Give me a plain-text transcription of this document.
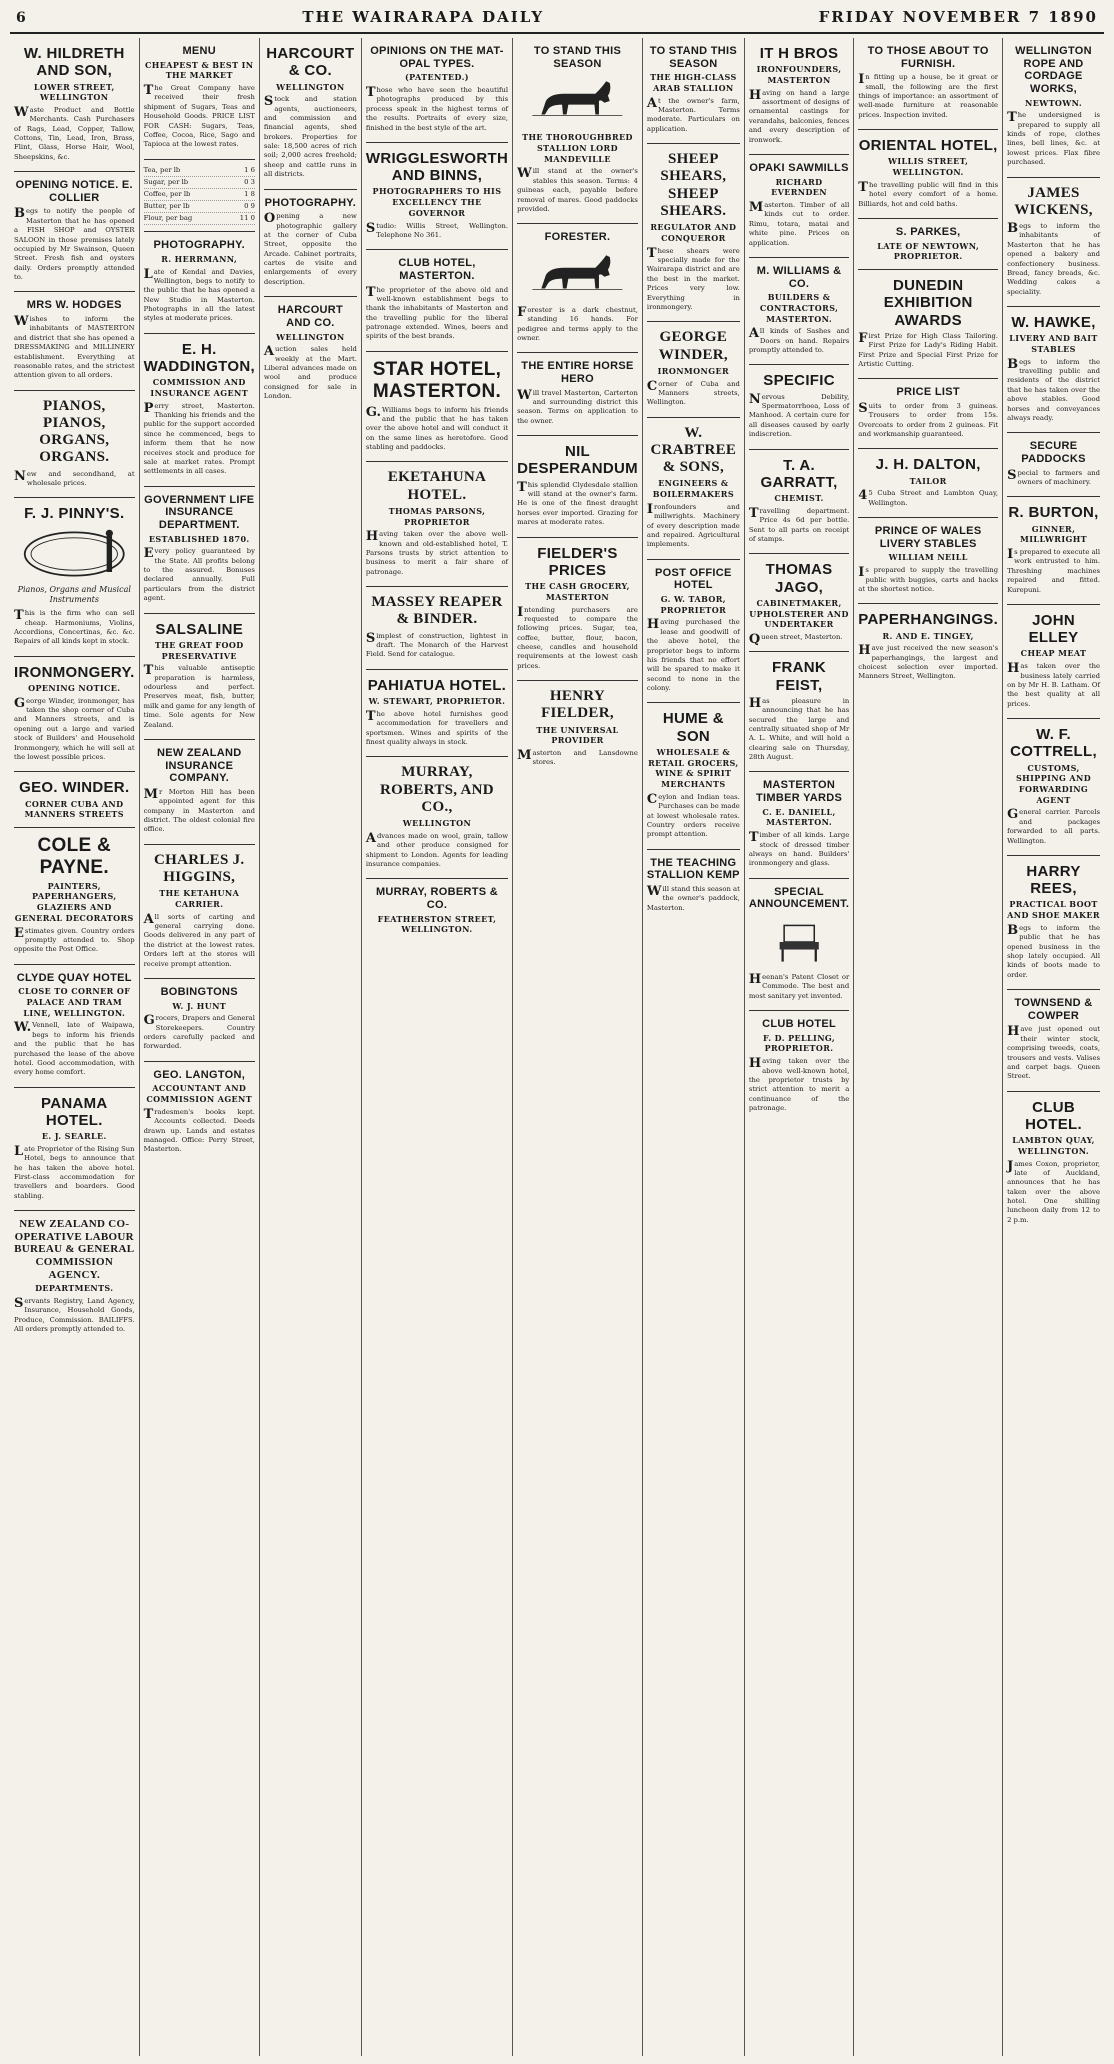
6	THE WAIRARAPA DAILY	FRIDAY NOVEMBER 7 1890
W. HILDRETH AND SON,
LOWER STREET, WELLINGTON
Waste Product and Bottle Merchants. Cash Purchasers of Rags, Lead, Copper, Tallow, Cottons, Tin, Lead, Iron, Brass, Flint, Glass, Horse Hair, Wool, Sheepskins, &c.
OPENING NOTICE. E. COLLIER
Begs to notify the people of Masterton that he has opened a FISH SHOP and OYSTER SALOON in those premises lately occupied by Mr Swainson, Queen Street. Fresh fish and oysters daily. Orders promptly attended to.
MRS W. HODGES
Wishes to inform the inhabitants of MASTERTON and district that she has opened a DRESSMAKING and MILLINERY establishment. Everything at reasonable rates, and the strictest attention given to all orders.
PIANOS, PIANOS, ORGANS, ORGANS.
New and secondhand, at wholesale prices.
F. J. PINNY'S.
Pianos, Organs and Musical Instruments
This is the firm who can sell cheap. Harmoniums, Violins, Accordions, Concertinas, &c. &c. Repairs of all kinds kept in stock.
IRONMONGERY.
OPENING NOTICE.
George Winder, ironmonger, has taken the shop corner of Cuba and Manners streets, and is opening out a large and varied stock of Builders' and Household Ironmongery, which he will sell at the lowest possible prices.
GEO. WINDER.
CORNER CUBA AND MANNERS STREETS
COLE & PAYNE.
PAINTERS, PAPERHANGERS, GLAZIERS AND GENERAL DECORATORS
Estimates given. Country orders promptly attended to. Shop opposite the Post Office.
CLYDE QUAY HOTEL
CLOSE TO CORNER OF PALACE AND TRAM LINE, WELLINGTON.
W.Vennell, late of Waipawa, begs to inform his friends and the public that he has purchased the lease of the above hotel. Good accommodation, with every home comfort.
PANAMA HOTEL.
E. J. SEARLE.
Late Proprietor of the Rising Sun Hotel, begs to announce that he has taken the above hotel. First-class accommodation for travellers and boarders. Good stabling.
NEW ZEALAND CO-OPERATIVE LABOUR BUREAU & GENERAL COMMISSION AGENCY.
DEPARTMENTS.
Servants Registry, Land Agency, Insurance, Household Goods, Produce, Commission. BAILIFFS. All orders promptly attended to.
MENU
CHEAPEST & BEST IN THE MARKET
The Great Company have received their fresh shipment of Sugars, Teas and Household Goods. PRICE LIST FOR CASH: Sugars, Teas, Coffee, Cocoa, Rice, Sago and Tapioca at the lowest rates.
Tea, per lb	1 6
Sugar, per lb	0 3
Coffee, per lb	1 8
Butter, per lb	0 9
Flour, per bag	11 0
PHOTOGRAPHY.
R. HERRMANN,
Late of Kendal and Davies, Wellington, begs to notify to the public that he has opened a New Studio in Masterton. Photographs in all the latest styles at moderate prices.
E. H. WADDINGTON,
COMMISSION AND INSURANCE AGENT
Perry street, Masterton. Thanking his friends and the public for the support accorded since he commenced, begs to inform them that he now receives stock and produce for sale at market rates. Prompt settlements in all cases.
GOVERNMENT LIFE INSURANCE DEPARTMENT.
ESTABLISHED 1870.
Every policy guaranteed by the State. All profits belong to the assured. Bonuses declared annually. Full particulars from the district agent.
SALSALINE
THE GREAT FOOD PRESERVATIVE
This valuable antiseptic preparation is harmless, odourless and perfect. Preserves meat, fish, butter, milk and game for any length of time. Sole agents for New Zealand.
NEW ZEALAND INSURANCE COMPANY.
Mr Morton Hill has been appointed agent for this company in Masterton and district. The oldest colonial fire office.
CHARLES J. HIGGINS,
THE KETAHUNA CARRIER.
All sorts of carting and general carrying done. Goods delivered in any part of the district at the lowest rates. Orders left at the stores will receive prompt attention.
BOBINGTONS
W. J. HUNT
Grocers, Drapers and General Storekeepers. Country orders carefully packed and forwarded.
GEO. LANGTON,
ACCOUNTANT AND COMMISSION AGENT
Tradesmen's books kept. Accounts collected. Deeds drawn up. Lands and estates managed. Office: Perry Street, Masterton.
HARCOURT & CO.
WELLINGTON
Stock and station agents, auctioneers, and commission and financial agents, shed brokers. Properties for sale: 18,500 acres of rich soil; 2,000 acres freehold; sheep and cattle runs in all districts.
PHOTOGRAPHY.
Opening a new photographic gallery at the corner of Cuba Street, opposite the Arcade. Cabinet portraits, cartes de visite and enlargements of every description.
HARCOURT AND CO.
WELLINGTON
Auction sales held weekly at the Mart. Liberal advances made on wool and produce consigned for sale in London.
OPINIONS ON THE MAT-OPAL TYPES.
(PATENTED.)
Those who have seen the beautiful photographs produced by this process speak in the highest terms of the results. Portraits of every size, finished in the best style of the art.
WRIGGLESWORTH AND BINNS,
PHOTOGRAPHERS TO HIS EXCELLENCY THE GOVERNOR
Studio: Willis Street, Wellington. Telephone No 361.
CLUB HOTEL, MASTERTON.
The proprietor of the above old and well-known establishment begs to thank the inhabitants of Masterton and the travelling public for the liberal patronage extended. Wines, beers and spirits of the best brands.
STAR HOTEL, MASTERTON.
G.Williams begs to inform his friends and the public that he has taken over the above hotel and will conduct it on the same lines as heretofore. Good stabling and paddocks.
EKETAHUNA HOTEL.
THOMAS PARSONS, PROPRIETOR
Having taken over the above well-known and old-established hotel, T. Parsons trusts by strict attention to business to merit a fair share of patronage.
MASSEY REAPER & BINDER.
Simplest of construction, lightest in draft. The Monarch of the Harvest Field. Send for catalogue.
PAHIATUA HOTEL.
W. STEWART, PROPRIETOR.
The above hotel furnishes good accommodation for travellers and sportsmen. Wines and spirits of the finest quality always in stock.
MURRAY, ROBERTS, AND CO.,
WELLINGTON
Advances made on wool, grain, tallow and other produce consigned for shipment to London. Agents for leading insurance companies.
MURRAY, ROBERTS & CO.
FEATHERSTON STREET, WELLINGTON.
TO STAND THIS SEASON
THE THOROUGHBRED STALLION LORD MANDEVILLE
Will stand at the owner's stables this season. Terms: 4 guineas each, payable before removal of mares. Good paddocks provided.
FORESTER.
Forester is a dark chestnut, standing 16 hands. For pedigree and terms apply to the owner.
THE ENTIRE HORSE HERO
Will travel Masterton, Carterton and surrounding district this season. Terms on application to the owner.
NIL DESPERANDUM
This splendid Clydesdale stallion will stand at the owner's farm. He is one of the finest draught horses ever imported. Grazing for mares at moderate rates.
FIELDER'S PRICES
THE CASH GROCERY, MASTERTON
Intending purchasers are requested to compare the following prices. Sugar, tea, coffee, butter, flour, bacon, cheese, candles and household requirements at the lowest cash prices.
HENRY FIELDER,
THE UNIVERSAL PROVIDER
Masterton and Lansdowne stores.
TO STAND THIS SEASON
THE HIGH-CLASS ARAB STALLION
At the owner's farm, Masterton. Terms moderate. Particulars on application.
SHEEP SHEARS, SHEEP SHEARS.
REGULATOR AND CONQUEROR
These shears were specially made for the Wairarapa district and are the best in the market. Prices very low. Everything in ironmongery.
GEORGE WINDER,
IRONMONGER
Corner of Cuba and Manners streets, Wellington.
W. CRABTREE & SONS,
ENGINEERS & BOILERMAKERS
Ironfounders and millwrights. Machinery of every description made and repaired. Agricultural implements.
POST OFFICE HOTEL
G. W. TABOR, PROPRIETOR
Having purchased the lease and goodwill of the above hotel, the proprietor begs to inform his friends that no effort will be spared to make it second to none in the colony.
HUME & SON
WHOLESALE & RETAIL GROCERS, WINE & SPIRIT MERCHANTS
Ceylon and Indian teas. Purchases can be made at lowest wholesale rates. Country orders receive prompt attention.
THE TEACHING STALLION KEMP
Will stand this season at the owner's paddock, Masterton.
IT H BROS
IRONFOUNDERS, MASTERTON
Having on hand a large assortment of designs of ornamental castings for verandahs, balconies, fences and every description of ironwork.
OPAKI SAWMILLS
RICHARD EVERNDEN
Masterton. Timber of all kinds cut to order. Rimu, totara, matai and white pine. Prices on application.
M. WILLIAMS & CO.
BUILDERS & CONTRACTORS, MASTERTON.
All kinds of Sashes and Doors on hand. Repairs promptly attended to.
SPECIFIC
Nervous Debility, Spermatorrhoea, Loss of Manhood. A certain cure for all diseases caused by early indiscretion.
T. A. GARRATT,
CHEMIST.
Travelling department. Price 4s 6d per bottle. Sent to all parts on receipt of stamps.
THOMAS JAGO,
CABINETMAKER, UPHOLSTERER AND UNDERTAKER
Queen street, Masterton.
FRANK FEIST,
Has pleasure in announcing that he has secured the large and centrally situated shop of Mr A. L. White, and will hold a clearing sale on Thursday, 28th August.
MASTERTON TIMBER YARDS
C. E. DANIELL, MASTERTON.
Timber of all kinds. Large stock of dressed timber always on hand. Builders' ironmongery and glass.
SPECIAL ANNOUNCEMENT.
Heenan's Patent Closet or Commode. The best and most sanitary yet invented.
CLUB HOTEL
F. D. PELLING, PROPRIETOR.
Having taken over the above well-known hotel, the proprietor trusts by strict attention to merit a continuance of the patronage.
TO THOSE ABOUT TO FURNISH.
In fitting up a house, be it great or small, the following are the first things of importance: an assortment of well-made furniture at reasonable prices. Inspection invited.
ORIENTAL HOTEL,
WILLIS STREET, WELLINGTON.
The travelling public will find in this hotel every comfort of a home. Billiards, hot and cold baths.
S. PARKES,
LATE OF NEWTOWN, PROPRIETOR.
DUNEDIN EXHIBITION AWARDS
First Prize for High Class Tailoring. First Prize for Lady's Riding Habit. First Prize and Special First Prize for Artistic Cutting.
PRICE LIST
Suits to order from 3 guineas. Trousers to order from 15s. Overcoats to order from 2 guineas. Fit and workmanship guaranteed.
J. H. DALTON,
TAILOR
45 Cuba Street and Lambton Quay, Wellington.
PRINCE OF WALES LIVERY STABLES
WILLIAM NEILL
Is prepared to supply the travelling public with buggies, carts and hacks at the shortest notice.
PAPERHANGINGS.
R. AND E. TINGEY,
Have just received the new season's paperhangings, the largest and choicest selection ever imported. Manners Street, Wellington.
WELLINGTON ROPE AND CORDAGE WORKS,
NEWTOWN.
The undersigned is prepared to supply all kinds of rope, clothes lines, bell lines, &c. at lowest prices. Flax fibre purchased.
JAMES WICKENS,
Begs to inform the inhabitants of Masterton that he has opened a bakery and confectionery business. Bread, fancy breads, &c. Wedding cakes a speciality.
W. HAWKE,
LIVERY AND BAIT STABLES
Begs to inform the travelling public and residents of the district that he has taken over the above stables. Good horses and conveyances always ready.
SECURE PADDOCKS
Special to farmers and owners of machinery.
R. BURTON,
GINNER, MILLWRIGHT
Is prepared to execute all work entrusted to him. Threshing machines repaired and fitted. Kurepuni.
JOHN ELLEY
CHEAP MEAT
Has taken over the business lately carried on by Mr H. B. Latham. Of the best quality at all prices.
W. F. COTTRELL,
CUSTOMS, SHIPPING AND FORWARDING AGENT
General carrier. Parcels and packages forwarded to all parts. Wellington.
HARRY REES,
PRACTICAL BOOT AND SHOE MAKER
Begs to inform the public that he has opened business in the shop lately occupied. All kinds of boots made to order.
TOWNSEND & COWPER
Have just opened out their winter stock, comprising tweeds, coats, trousers and vests. Valises and carpet bags. Queen Street.
CLUB HOTEL.
LAMBTON QUAY, WELLINGTON.
James Coxon, proprietor, late of Auckland, announces that he has taken over the above hotel. One shilling luncheon daily from 12 to 2 p.m.
